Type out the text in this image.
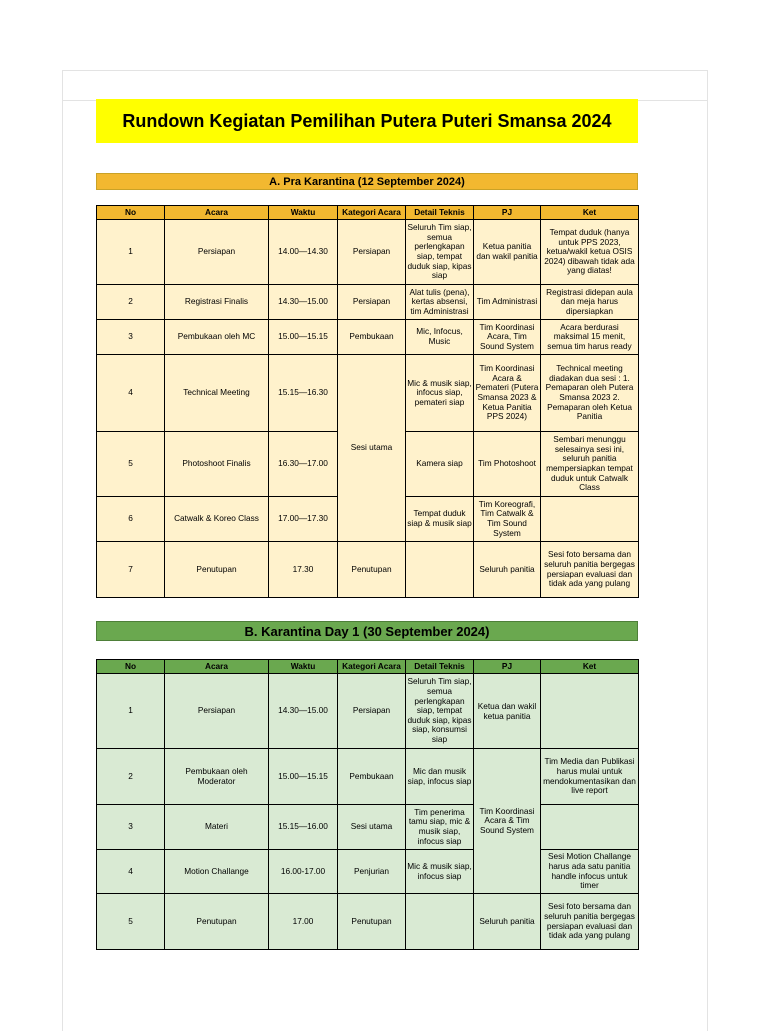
Rundown Kegiatan Pemilihan Putera Puteri Smansa 2024
A. Pra Karantina (12 September 2024)
No	Acara	Waktu	Kategori Acara	Detail Teknis	PJ	Ket
1	Persiapan	14.00—14.30	Persiapan	Seluruh Tim siap, semua perlengkapan siap, tempat duduk siap, kipas siap	Ketua panitia dan wakil panitia	Tempat duduk (hanya untuk PPS 2023, ketua/wakil ketua OSIS 2024) dibawah tidak ada yang diatas!
2	Registrasi Finalis	14.30—15.00	Persiapan	Alat tulis (pena), kertas absensi, tim Administrasi	Tim Administrasi	Registrasi didepan aula dan meja harus dipersiapkan
3	Pembukaan oleh MC	15.00—15.15	Pembukaan	Mic, Infocus, Music	Tim Koordinasi Acara, Tim Sound System	Acara berdurasi maksimal 15 menit, semua tim harus ready
4	Technical Meeting	15.15—16.30	Sesi utama	Mic & musik siap, infocus siap, pemateri siap	Tim Koordinasi Acara & Pemateri (Putera Smansa 2023 & Ketua Panitia PPS 2024)	Technical meeting diadakan dua sesi : 1. Pemaparan oleh Putera Smansa 2023 2. Pemaparan oleh Ketua Panitia
5	Photoshoot Finalis	16.30—17.00		Kamera siap	Tim Photoshoot	Sembari menunggu selesainya sesi ini, seluruh panitia mempersiapkan tempat duduk untuk Catwalk Class
6	Catwalk & Koreo Class	17.00—17.30		Tempat duduk siap & musik siap	Tim Koreografi, Tim Catwalk & Tim Sound System	
7	Penutupan	17.30	Penutupan		Seluruh panitia	Sesi foto bersama dan seluruh panitia bergegas persiapan evaluasi dan tidak ada yang pulang
B. Karantina Day 1 (30 September 2024)
No	Acara	Waktu	Kategori Acara	Detail Teknis	PJ	Ket
1	Persiapan	14.30—15.00	Persiapan	Seluruh Tim siap, semua perlengkapan siap, tempat duduk siap, kipas siap, konsumsi siap	Ketua dan wakil ketua panitia	
2	Pembukaan oleh Moderator	15.00—15.15	Pembukaan	Mic dan musik siap, infocus siap	Tim Koordinasi Acara & Tim Sound System	Tim Media dan Publikasi harus mulai untuk mendokumentasikan dan live report
3	Materi	15.15—16.00	Sesi utama	Tim penerima tamu siap, mic & musik siap, infocus siap		
4	Motion Challange	16.00-17.00	Penjurian	Mic & musik siap, infocus siap		Sesi Motion Challange harus ada satu panitia handle infocus untuk timer
5	Penutupan	17.00	Penutupan		Seluruh panitia	Sesi foto bersama dan seluruh panitia bergegas persiapan evaluasi dan tidak ada yang pulang
